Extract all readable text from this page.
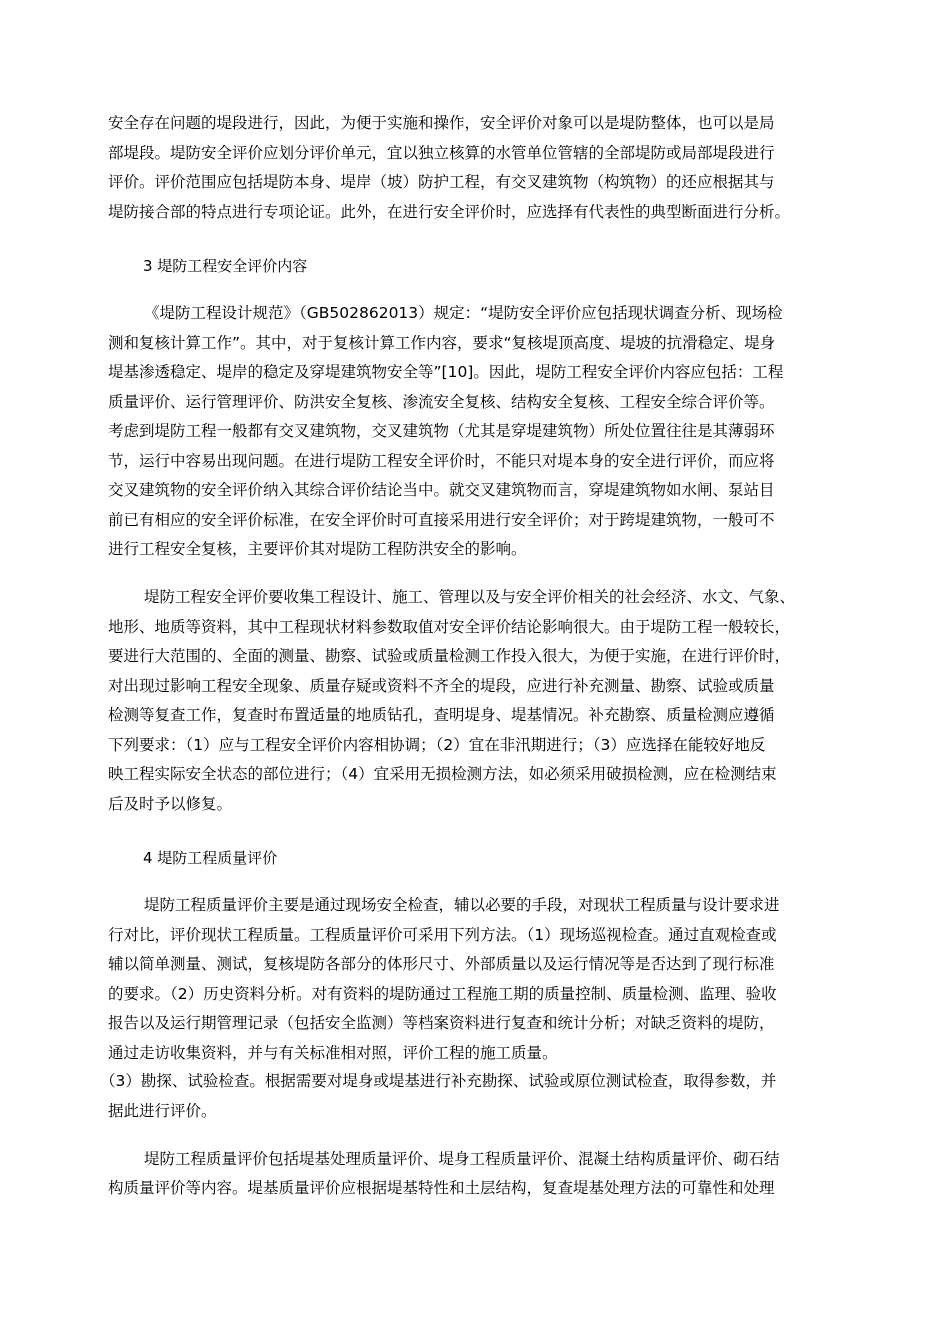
安全存在问题的堤段进行，因此，为便于实施和操作，安全评价对象可以是堤防整体，也可以是局

部堤段。堤防安全评价应划分评价单元，宜以独立核算的水管单位管辖的全部堤防或局部堤段进行

评价。评价范围应包括堤防本身、堤岸（坡）防护工程，有交叉建筑物（构筑物）的还应根据其与

堤防接合部的特点进行专项论证。此外，在进行安全评价时，应选择有代表性的典型断面进行分析。

3 堤防工程安全评价内容

《堤防工程设计规范》（GB502862013）规定：“堤防安全评价应包括现状调查分析、现场检

测和复核计算工作”。其中，对于复核计算工作内容，要求“复核堤顶高度、堤坡的抗滑稳定、堤身

堤基渗透稳定、堤岸的稳定及穿堤建筑物安全等”[10]。因此，堤防工程安全评价内容应包括：工程

质量评价、运行管理评价、防洪安全复核、渗流安全复核、结构安全复核、工程安全综合评价等。

考虑到堤防工程一般都有交叉建筑物，交叉建筑物（尤其是穿堤建筑物）所处位置往往是其薄弱环

节，运行中容易出现问题。在进行堤防工程安全评价时，不能只对堤本身的安全进行评价，而应将

交叉建筑物的安全评价纳入其综合评价结论当中。就交叉建筑物而言，穿堤建筑物如水闸、泵站目

前已有相应的安全评价标准，在安全评价时可直接采用进行安全评价；对于跨堤建筑物，一般可不

进行工程安全复核，主要评价其对堤防工程防洪安全的影响。

堤防工程安全评价要收集工程设计、施工、管理以及与安全评价相关的社会经济、水文、气象、

地形、地质等资料，其中工程现状材料参数取值对安全评价结论影响很大。由于堤防工程一般较长，

要进行大范围的、全面的测量、勘察、试验或质量检测工作投入很大，为便于实施，在进行评价时，

对出现过影响工程安全现象、质量存疑或资料不齐全的堤段，应进行补充测量、勘察、试验或质量

检测等复查工作，复查时布置适量的地质钻孔，查明堤身、堤基情况。补充勘察、质量检测应遵循

下列要求：（1）应与工程安全评价内容相协调；（2）宜在非汛期进行；（3）应选择在能较好地反

映工程实际安全状态的部位进行；（4）宜采用无损检测方法，如必须采用破损检测，应在检测结束

后及时予以修复。

4 堤防工程质量评价

堤防工程质量评价主要是通过现场安全检查，辅以必要的手段，对现状工程质量与设计要求进

行对比，评价现状工程质量。工程质量评价可采用下列方法。（1）现场巡视检查。通过直观检查或

辅以简单测量、测试，复核堤防各部分的体形尺寸、外部质量以及运行情况等是否达到了现行标准

的要求。（2）历史资料分析。对有资料的堤防通过工程施工期的质量控制、质量检测、监理、验收

报告以及运行期管理记录（包括安全监测）等档案资料进行复查和统计分析；对缺乏资料的堤防，

通过走访收集资料，并与有关标准相对照，评价工程的施工质量。

（3）勘探、试验检查。根据需要对堤身或堤基进行补充勘探、试验或原位测试检查，取得参数，并

据此进行评价。

堤防工程质量评价包括堤基处理质量评价、堤身工程质量评价、混凝土结构质量评价、砌石结

构质量评价等内容。堤基质量评价应根据堤基特性和土层结构，复查堤基处理方法的可靠性和处理
